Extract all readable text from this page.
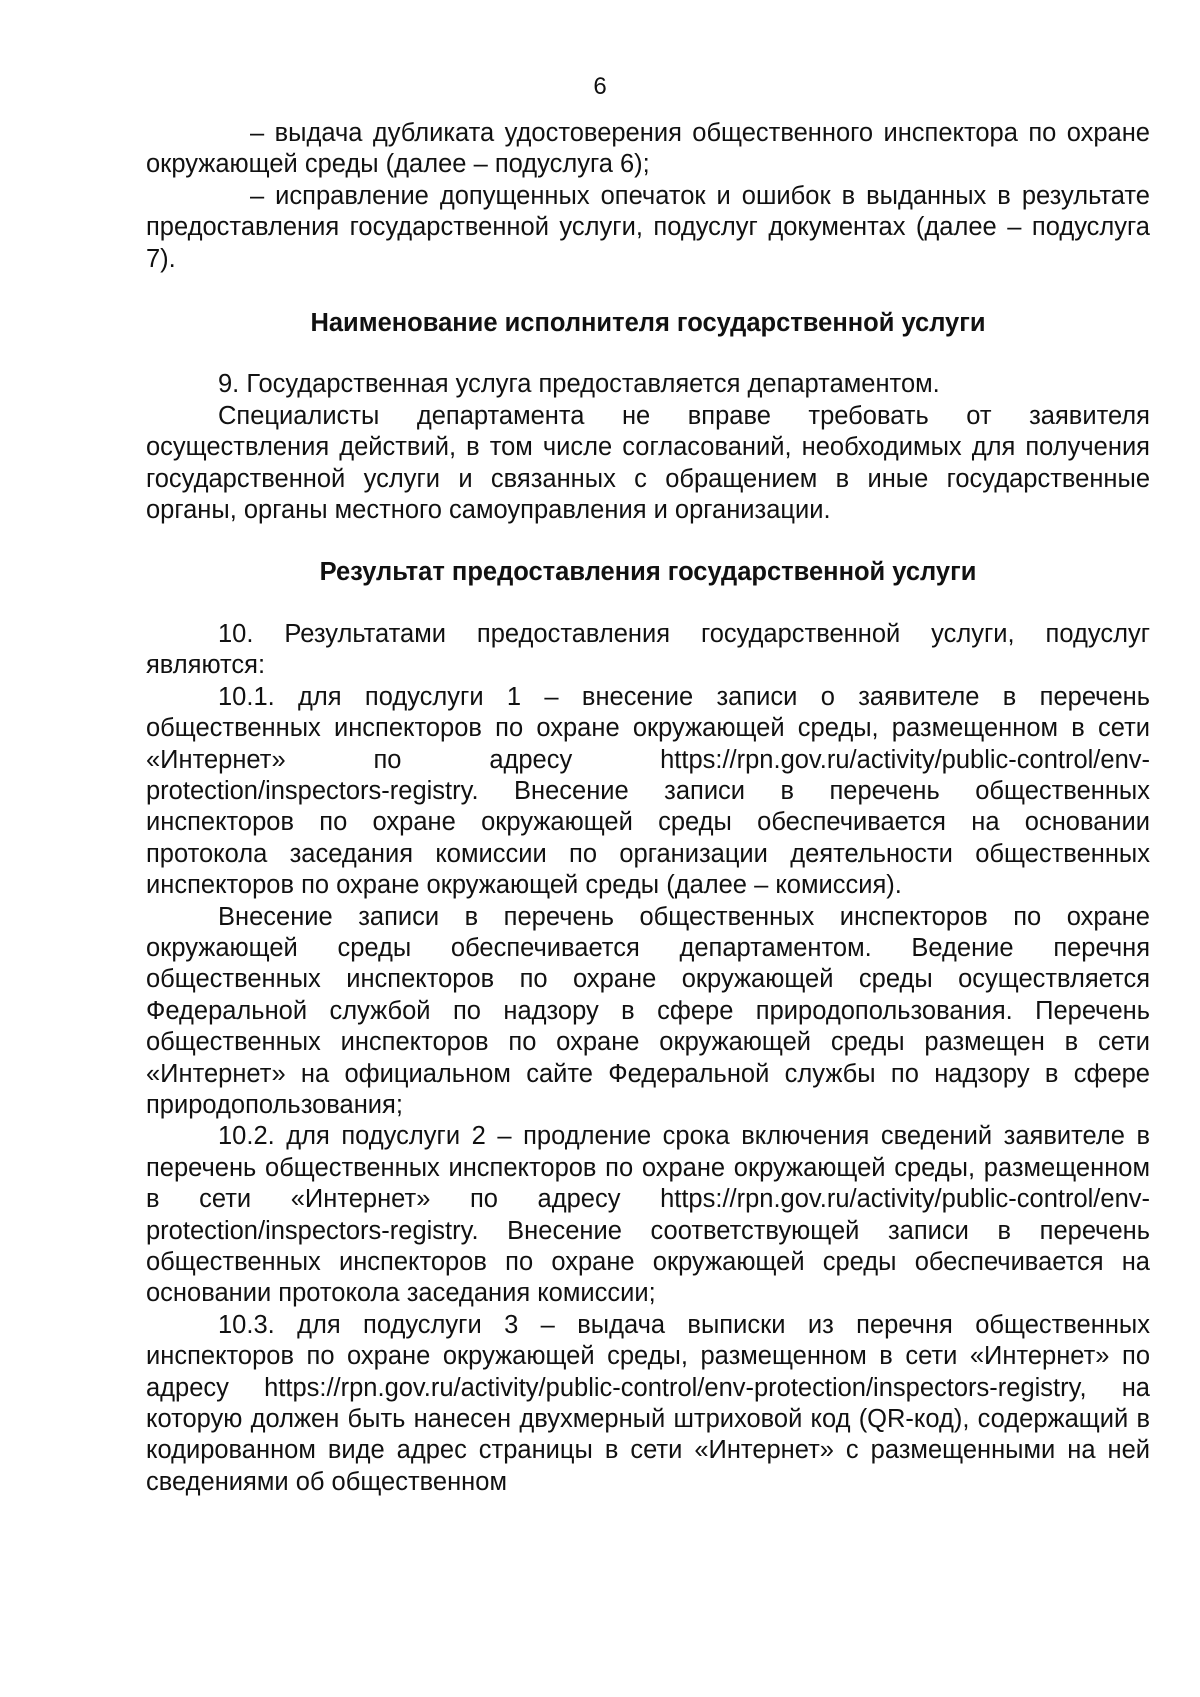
6

– выдача дубликата удостоверения общественного инспектора по охране окружающей среды (далее – подуслуга 6);

– исправление допущенных опечаток и ошибок в выданных в результате предоставления государственной услуги, подуслуг документах (далее – подуслуга 7).

Наименование исполнителя государственной услуги

9. Государственная услуга предоставляется департаментом.

Специалисты департамента не вправе требовать от заявителя осуществления действий, в том числе согласований, необходимых для получения государственной услуги и связанных с обращением в иные государственные органы, органы местного самоуправления и организации.

Результат предоставления государственной услуги

10. Результатами предоставления государственной услуги, подуслуг являются:

10.1. для подуслуги 1 – внесение записи о заявителе в перечень общественных инспекторов по охране окружающей среды, размещенном в сети «Интернет» по адресу https://rpn.gov.ru/activity/public-control/env-protection/inspectors-registry. Внесение записи в перечень общественных инспекторов по охране окружающей среды обеспечивается на основании протокола заседания комиссии по организации деятельности общественных инспекторов по охране окружающей среды (далее – комиссия).

Внесение записи в перечень общественных инспекторов по охране окружающей среды обеспечивается департаментом. Ведение перечня общественных инспекторов по охране окружающей среды осуществляется Федеральной службой по надзору в сфере природопользования. Перечень общественных инспекторов по охране окружающей среды размещен в сети «Интернет» на официальном сайте Федеральной службы по надзору в сфере природопользования;

10.2. для подуслуги 2 – продление срока включения сведений заявителе в перечень общественных инспекторов по охране окружающей среды, размещенном в сети «Интернет» по адресу https://rpn.gov.ru/activity/public-control/env-protection/inspectors-registry. Внесение соответствующей записи в перечень общественных инспекторов по охране окружающей среды обеспечивается на основании протокола заседания комиссии;

10.3. для подуслуги 3 – выдача выписки из перечня общественных инспекторов по охране окружающей среды, размещенном в сети «Интернет» по адресу https://rpn.gov.ru/activity/public-control/env-protection/inspectors-registry, на которую должен быть нанесен двухмерный штриховой код (QR-код), содержащий в кодированном виде адрес страницы в сети «Интернет» с размещенными на ней сведениями об общественном
